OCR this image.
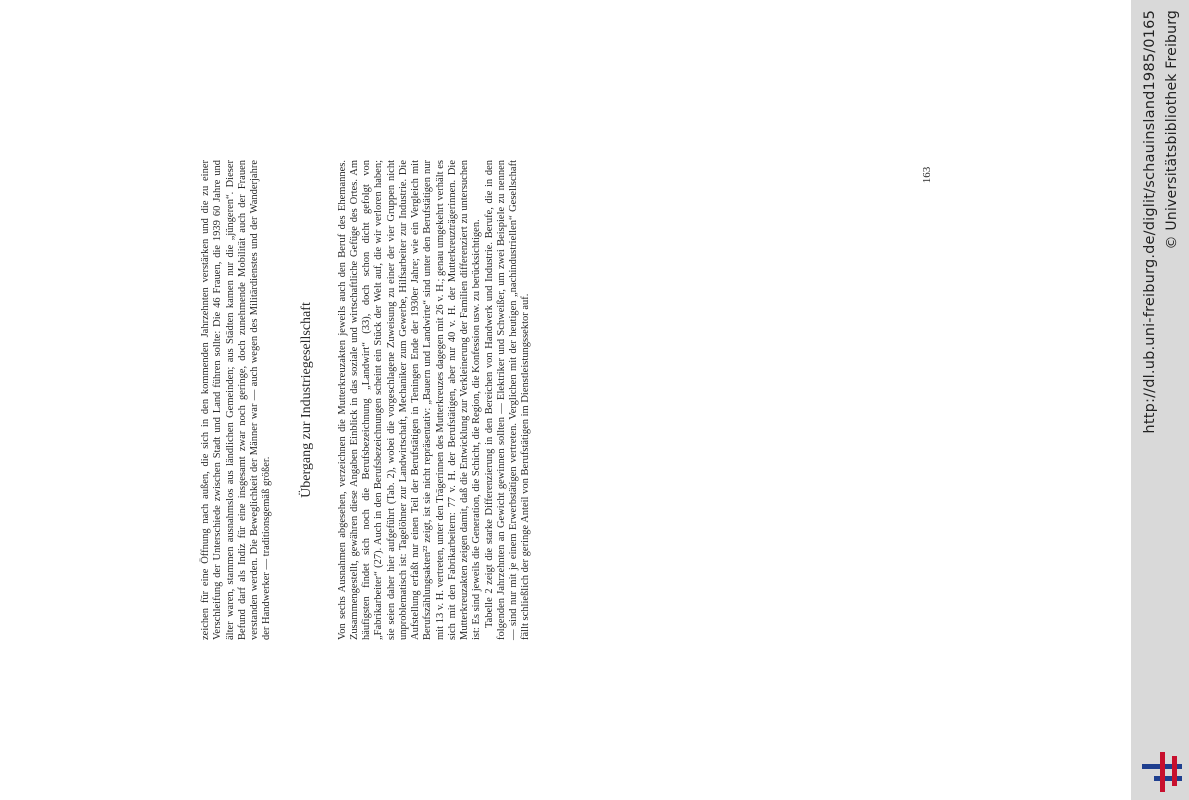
zeichen für eine Öffnung nach außen, die sich in den kommenden Jahrzehnten verstärken und die zu einer Verschleifung der Unterschiede zwischen Stadt und Land führen sollte: Die 46 Frauen, die 1939 60 Jahre und älter waren, stammen ausnahmslos aus ländlichen Gemeinden; aus Städten kamen nur die „jüngeren“. Dieser Befund darf als Indiz für eine insgesamt zwar noch geringe, doch zunehmende Mobilität auch der Frauen verstanden werden. Die Beweglichkeit der Männer war — auch wegen des Militärdienstes und der Wanderjahre der Handwerker — traditionsgemäß größer.

Übergang zur Industriegesellschaft Von sechs Ausnahmen abgesehen, verzeichnen die Mutterkreuzakten jeweils auch den Beruf des Ehemannes. Zusammengestellt, gewähren diese Angaben Einblick in das soziale und wirtschaftliche Gefüge des Ortes. Am häufigsten findet sich noch die Berufsbezeichnung „Landwirt“ (33), doch schon dicht gefolgt von „Fabrikarbeiter“ (27). Auch in den Berufsbezeichnungen scheint ein Stück der Welt auf, die wir verloren haben; sie seien daher hier aufgeführt (Tab. 2), wobei die vorgeschlagene Zuweisung zu einer der vier Gruppen nicht unproblematisch ist: Tagelöhner zur Landwirtschaft, Mechaniker zum Gewerbe, Hilfsarbeiter zur Industrie. Die Aufstellung erfaßt nur einen Teil der Berufstätigen in Teningen Ende der 1930er Jahre; wie ein Vergleich mit Berufszählungsakten²² zeigt, ist sie nicht repräsentativ: „Bauern und Landwirte“ sind unter den Berufstätigen nur mit 13 v. H. vertreten, unter den Trägerinnen des Mutterkreuzes dagegen mit 26 v. H.; genau umgekehrt verhält es sich mit den Fabrikarbeitern: 77 v. H. der Berufstätigen, aber nur 40 v. H. der Mutterkreuzträgerinnen. Die Mutterkreuzakten zeigen damit, daß die Entwicklung zur Verkleinerung der Familien differenziert zu untersuchen ist: Es sind jeweils die Generation, die Schicht, die Region, die Konfession usw. zu berücksichtigen. Tabelle 2 zeigt die starke Differenzierung in den Bereichen von Handwerk und Industrie. Berufe, die in den folgenden Jahrzehnten an Gewicht gewinnen sollten — Elektriker und Schweißer, um zwei Beispiele zu nennen — sind nur mit je einem Erwerbstätigen vertreten. Verglichen mit der heutigen „nachindustriellen“ Gesellschaft fällt schließlich der geringe Anteil von Berufstätigen im Dienstleistungssektor auf.

163	http://dl.ub.uni-freiburg.de/diglit/schauinsland1985/0165 © Universitätsbibliothek Freiburg
